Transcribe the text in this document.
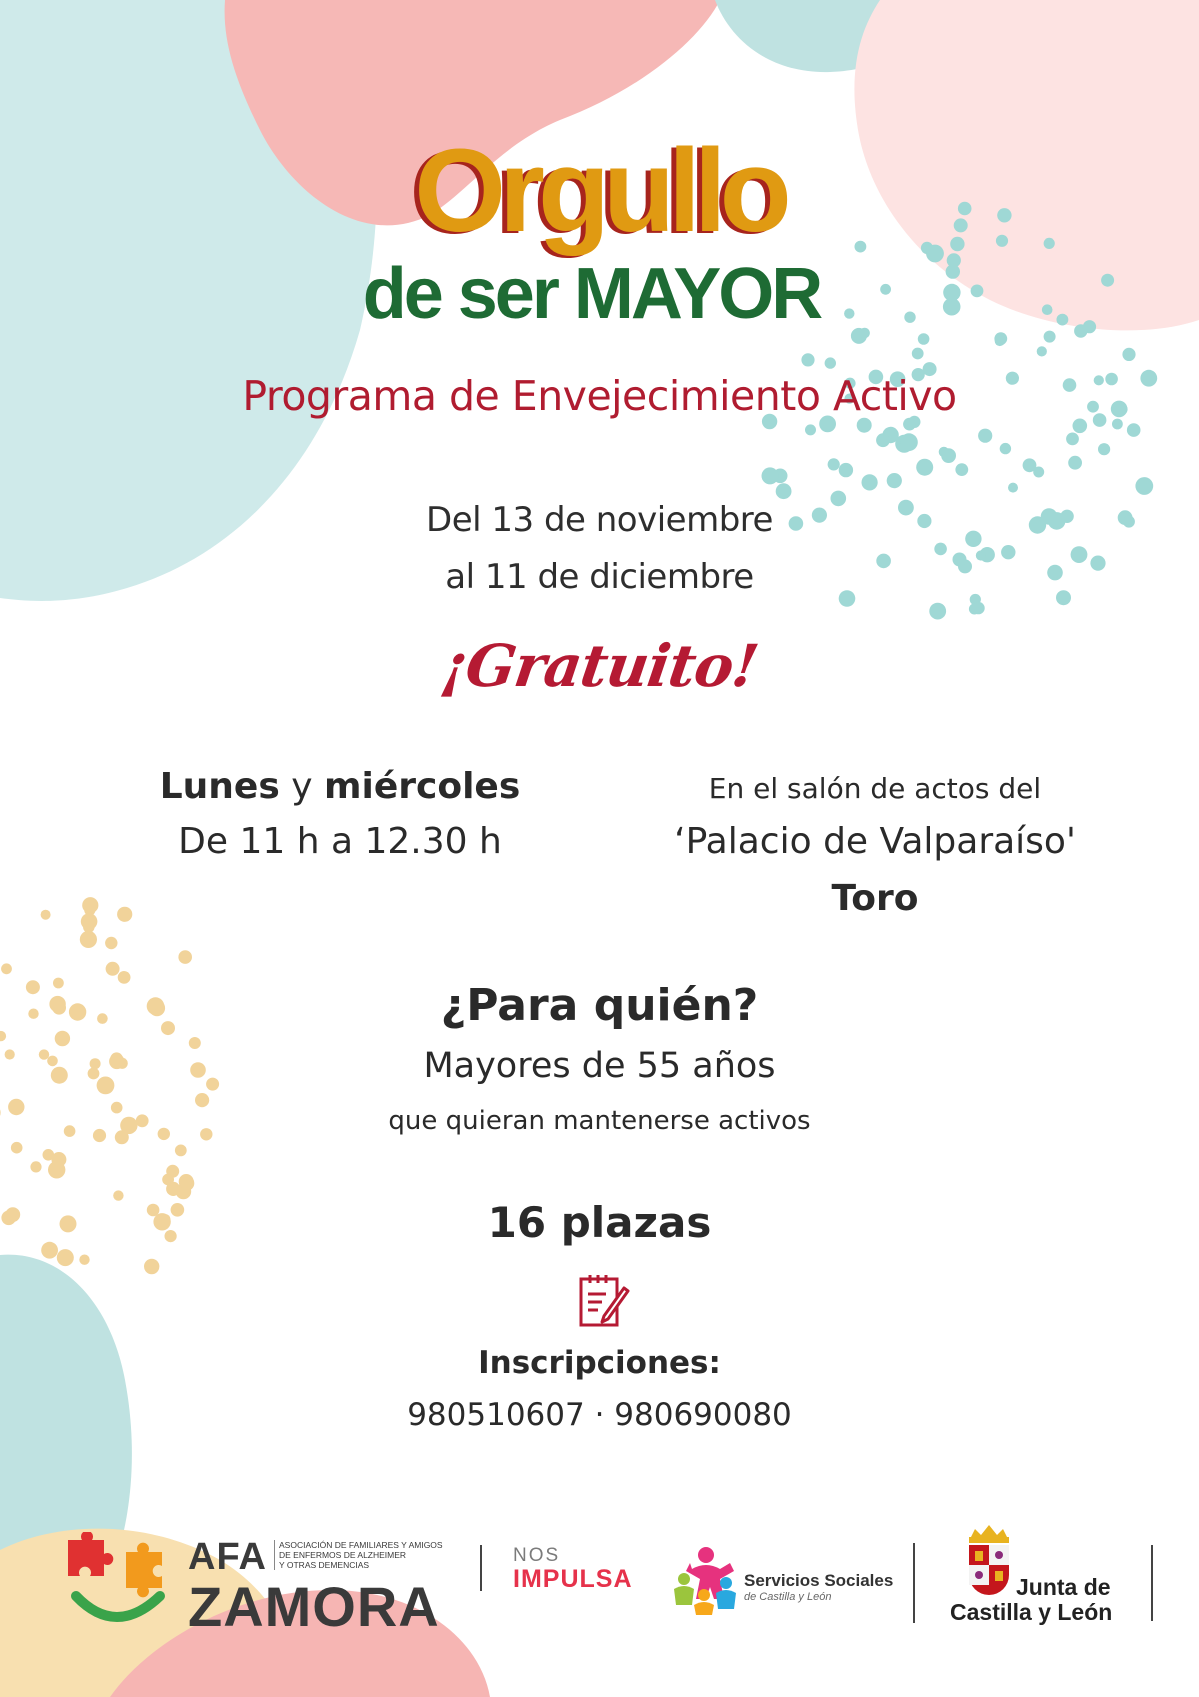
Orgullo
de ser MAYOR
Programa de Envejecimiento Activo
Del 13 de noviembre
al 11 de diciembre
¡Gratuito!
Lunes y miércoles
De 11 h a 12.30 h
En el salón de actos del
‘Palacio de Valparaíso'
Toro
¿Para quién?
Mayores de 55 años
que quieran mantenerse activos
16 plazas
Inscripciones:
980510607 · 980690080
AFA
ZAMORA
ASOCIACIÓN DE FAMILIARES Y AMIGOS
DE ENFERMOS DE ALZHEIMER
Y OTRAS DEMENCIAS	NOS
IMPULSA	Servicios Sociales
de Castilla y León	Junta de
Castilla y León
